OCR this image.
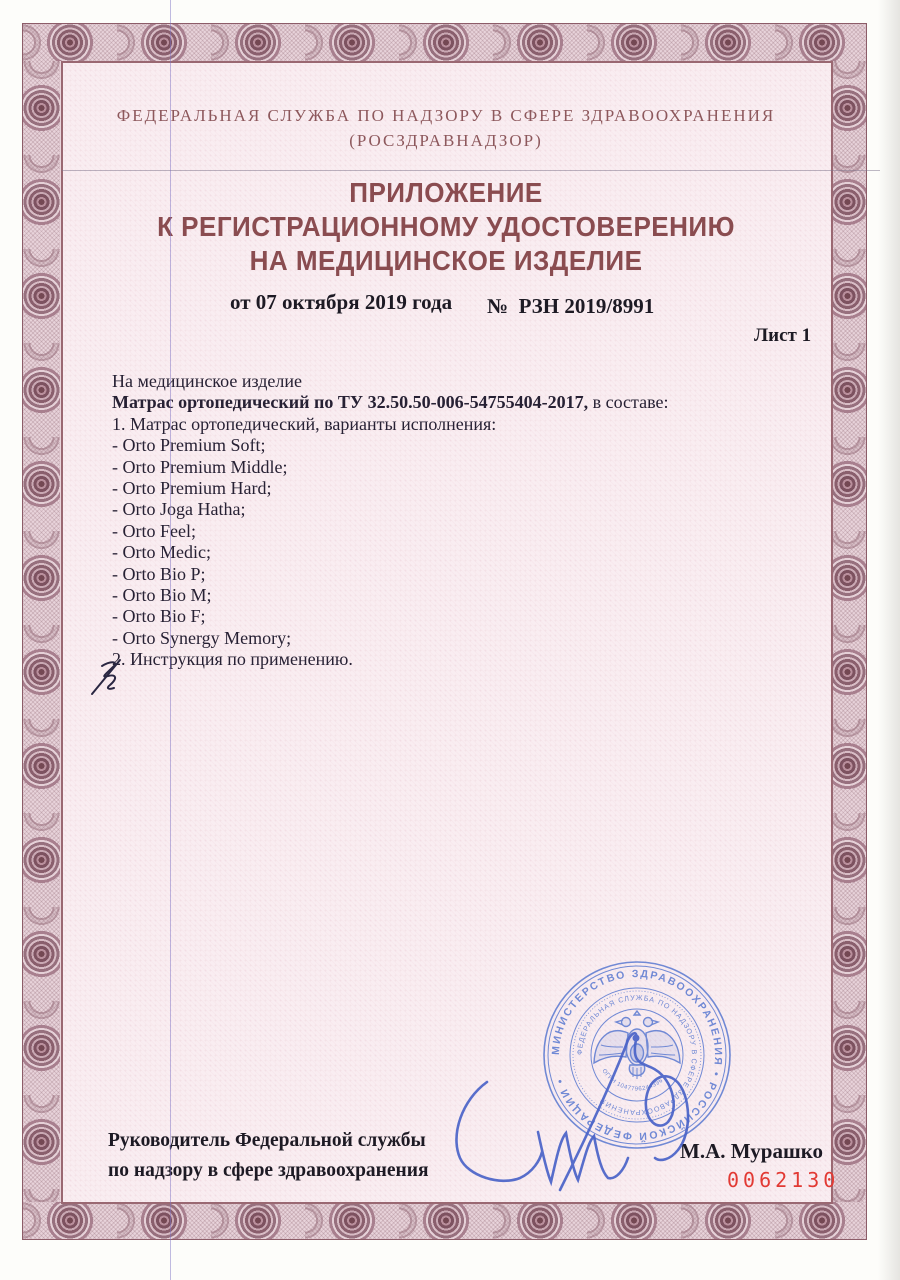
ФЕДЕРАЛЬНАЯ СЛУЖБА ПО НАДЗОРУ В СФЕРЕ ЗДРАВООХРАНЕНИЯ
(РОСЗДРАВНАДЗОР)
ПРИЛОЖЕНИЕ
К РЕГИСТРАЦИОННОМУ УДОСТОВЕРЕНИЮ
НА МЕДИЦИНСКОЕ ИЗДЕЛИЕ
от 07 октября 2019 года №  РЗН 2019/8991
Лист 1
На медицинское изделие
Матрас ортопедический по ТУ 32.50.50-006-54755404-2017, в составе:
1. Матрас ортопедический, варианты исполнения:
- Orto Premium Soft;
- Orto Premium Middle;
- Orto Premium Hard;
- Orto Joga Hatha;
- Orto Feel;
- Orto Medic;
- Orto Bio P;
- Orto Bio M;
- Orto Bio F;
- Orto Synergy Memory;
2. Инструкция по применению.
МИНИСТЕРСТВО ЗДРАВООХРАНЕНИЯ • РОССИЙСКОЙ ФЕДЕРАЦИИ •
ФЕДЕРАЛЬНАЯ СЛУЖБА ПО НАДЗОРУ В СФЕРЕ ЗДРАВООХРАНЕНИЯ
ОГРН 1047796244396
Руководитель Федеральной службы
по надзору в сфере здравоохранения
М.А. Мурашко
0062130
